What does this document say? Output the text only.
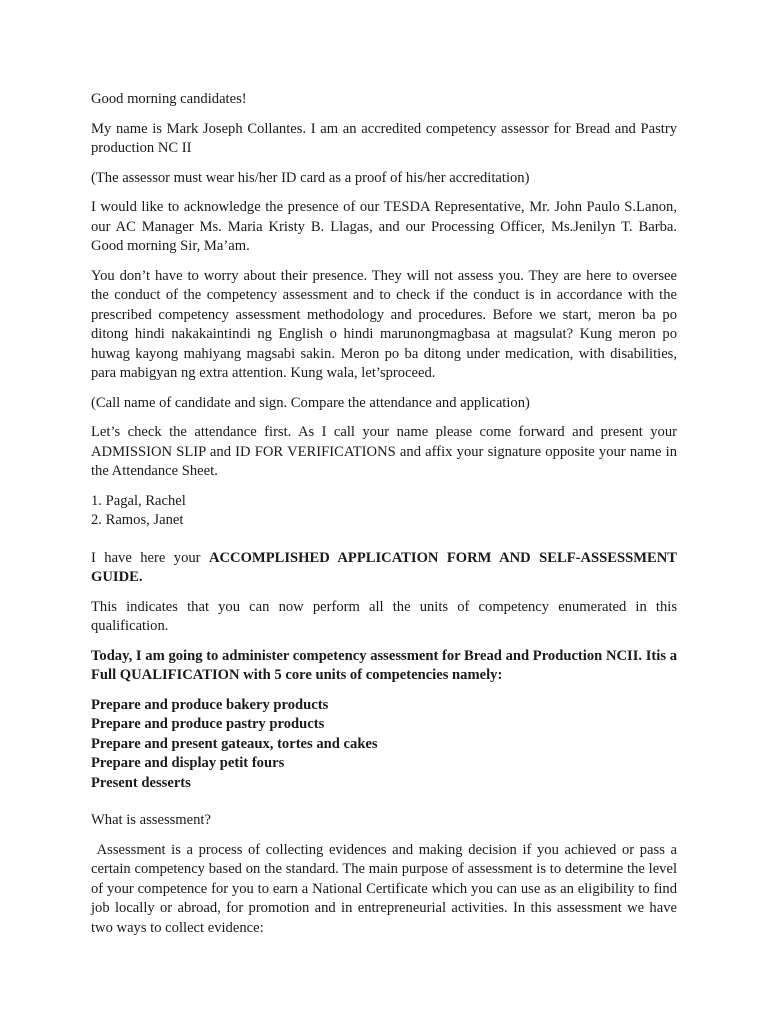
Good morning candidates!

My name is Mark Joseph Collantes. I am an accredited competency assessor for Bread and Pastry production NC II

(The assessor must wear his/her ID card as a proof of his/her accreditation)

I would like to acknowledge the presence of our TESDA Representative, Mr. John Paulo S.Lanon, our AC Manager Ms. Maria Kristy B. Llagas, and our Processing Officer, Ms.Jenilyn T. Barba. Good morning Sir, Ma’am.

You don’t have to worry about their presence. They will not assess you. They are here to oversee the conduct of the competency assessment and to check if the conduct is in accordance with the prescribed competency assessment methodology and procedures. Before we start, meron ba po ditong hindi nakakaintindi ng English o hindi marunongmagbasa at magsulat? Kung meron po huwag kayong mahiyang magsabi sakin. Meron po ba ditong under medication, with disabilities, para mabigyan ng extra attention. Kung wala, let’sproceed.

(Call name of candidate and sign. Compare the attendance and application)

Let’s check the attendance first. As I call your name please come forward and present your ADMISSION SLIP and ID FOR VERIFICATIONS and affix your signature opposite your name in the Attendance Sheet.

1. Pagal, Rachel
2. Ramos, Janet

I have here your ACCOMPLISHED APPLICATION FORM AND SELF-ASSESSMENT GUIDE.

This indicates that you can now perform all the units of competency enumerated in this qualification.

Today, I am going to administer competency assessment for Bread and Production NCII. Itis a Full QUALIFICATION with 5 core units of competencies namely:

Prepare and produce bakery products
Prepare and produce pastry products
Prepare and present gateaux, tortes and cakes
Prepare and display petit fours
Present desserts

What is assessment?

Assessment is a process of collecting evidences and making decision if you achieved or pass a certain competency based on the standard. The main purpose of assessment is to determine the level of your competence for you to earn a National Certificate which you can use as an eligibility to find job locally or abroad, for promotion and in entrepreneurial activities. In this assessment we have two ways to collect evidence:
